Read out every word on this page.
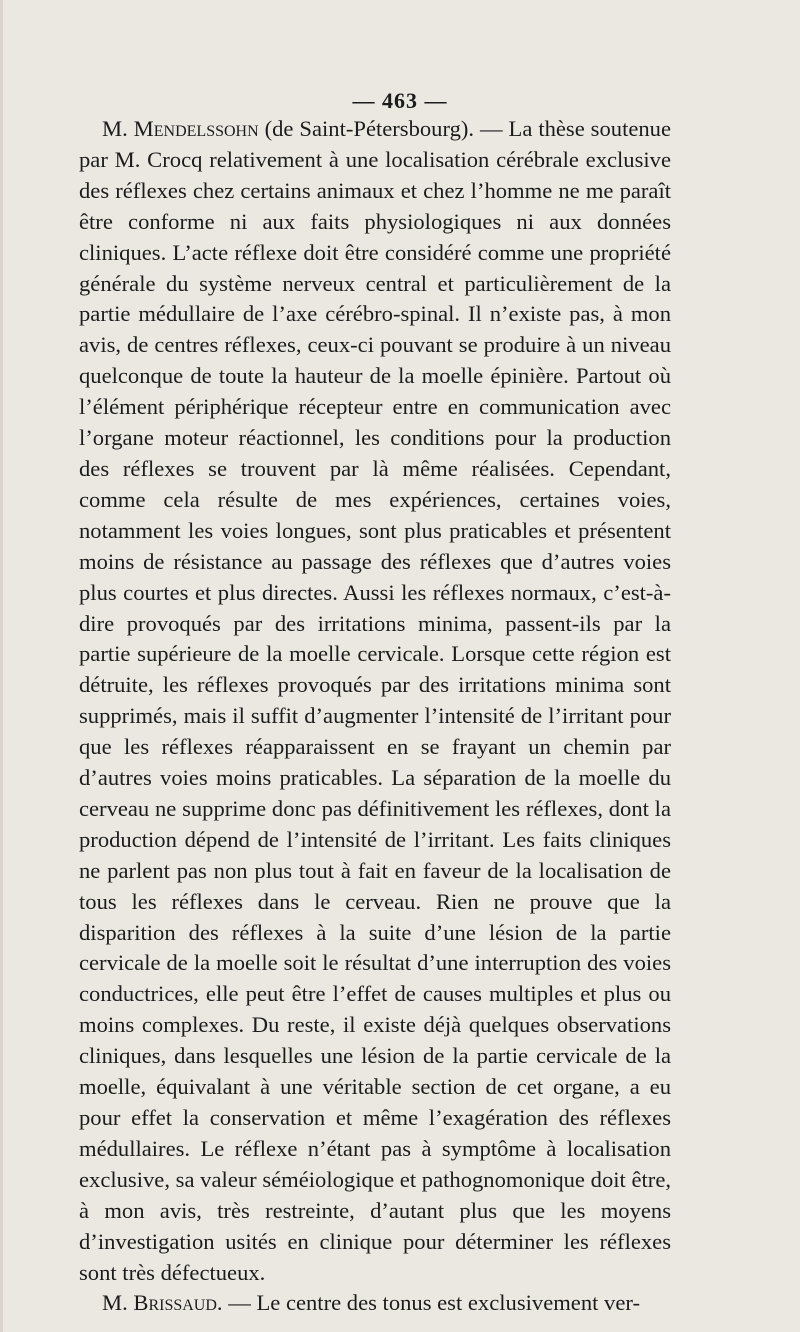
— 463 —

M. Mendelssohn (de Saint-Pétersbourg). — La thèse soutenue par M. Crocq relativement à une localisation cérébrale exclusive des réflexes chez certains animaux et chez l’homme ne me paraît être conforme ni aux faits physiologiques ni aux données cliniques. L’acte réflexe doit être considéré comme une propriété générale du système nerveux central et particulièrement de la partie médullaire de l’axe cérébro-spinal. Il n’existe pas, à mon avis, de centres réflexes, ceux-ci pouvant se produire à un niveau quelconque de toute la hauteur de la moelle épinière. Partout où l’élément périphérique récepteur entre en communication avec l’organe moteur réactionnel, les conditions pour la production des réflexes se trouvent par là même réalisées. Cependant, comme cela résulte de mes expériences, certaines voies, notamment les voies longues, sont plus praticables et présentent moins de résistance au passage des réflexes que d’autres voies plus courtes et plus directes. Aussi les réflexes normaux, c’est-à-dire provoqués par des irritations minima, passent-ils par la partie supérieure de la moelle cervicale. Lorsque cette région est détruite, les réflexes provoqués par des irritations minima sont supprimés, mais il suffit d’augmenter l’intensité de l’irritant pour que les réflexes réapparaissent en se frayant un chemin par d’autres voies moins praticables. La séparation de la moelle du cerveau ne supprime donc pas définitivement les réflexes, dont la production dépend de l’intensité de l’irritant. Les faits cliniques ne parlent pas non plus tout à fait en faveur de la localisation de tous les réflexes dans le cerveau. Rien ne prouve que la disparition des réflexes à la suite d’une lésion de la partie cervicale de la moelle soit le résultat d’une interruption des voies conductrices, elle peut être l’effet de causes multiples et plus ou moins complexes. Du reste, il existe déjà quelques observations cliniques, dans lesquelles une lésion de la partie cervicale de la moelle, équivalant à une véritable section de cet organe, a eu pour effet la conservation et même l’exagération des réflexes médullaires. Le réflexe n’étant pas à symptôme à localisation exclusive, sa valeur séméiologique et pathognomonique doit être, à mon avis, très restreinte, d’autant plus que les moyens d’investigation usités en clinique pour déterminer les réflexes sont très défectueux.

M. Brissaud. — Le centre des tonus est exclusivement ver-
